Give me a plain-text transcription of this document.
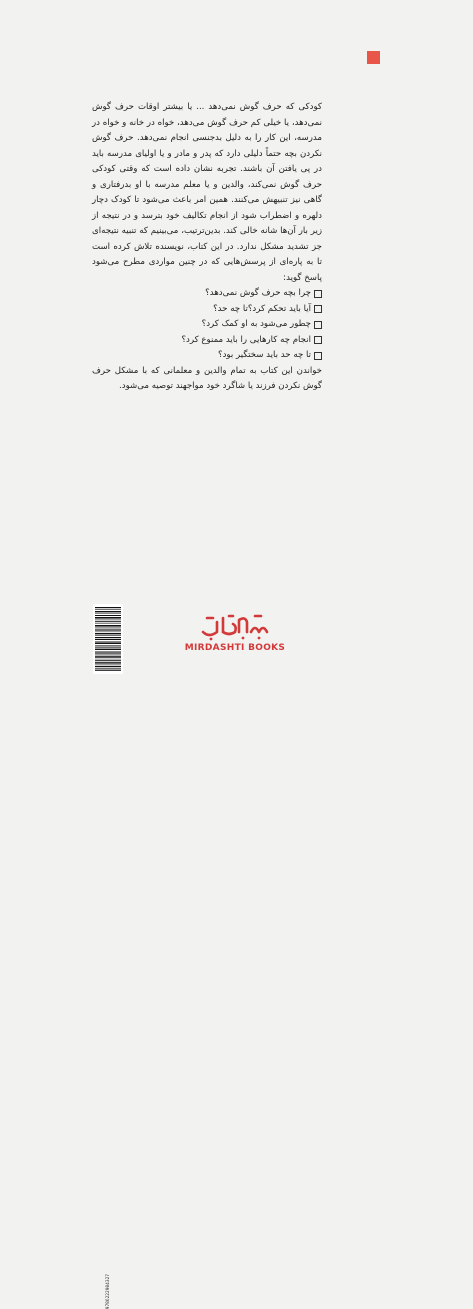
کودکی که حرف گوش نمی‌دهد ... یا بیشتر اوقات حرف گوش نمی‌دهد، یا خیلی کم حرف گوش می‌دهد، خواه در خانه و خواه در مدرسه، این کار را به دلیل بدجنسی انجام نمی‌دهد. حرف گوش نکردن بچه حتماً دلیلی دارد که پدر و مادر و یا اولیای مدرسه باید در پی یافتن آن باشند. تجربه نشان داده است که وقتی کودکی حرف گوش نمی‌کند، والدین و یا معلم مدرسه با او بدرفتاری و گاهی نیز تنبیهش می‌کنند. همین امر باعث می‌شود تا کودک دچار دلهره و اضطراب شود از انجام تکالیف خود بترسد و در نتیجه از زیر بار آن‌ها شانه خالی کند. بدین‌ترتیب، می‌بینیم که تنبیه نتیجه‌ای جز تشدید مشکل ندارد. در این کتاب، نویسنده تلاش کرده است تا به پاره‌ای از پرسش‌هایی که در چنین مواردی مطرح می‌شود پاسخ گوید:

چرا بچه حرف گوش نمی‌دهد؟
آیا باید تحکم کرد؟تا چه حد؟
چطور می‌شود به او کمک کرد؟
انجام چه کارهایی را باید ممنوع کرد؟
تا چه حد باید سختگیر بود؟

خواندن این کتاب به تمام والدین و معلمانی که با مشکل حرف گوش نکردن فرزند یا شاگرد خود مواجهند توصیه می‌شود.

9786222904327
MIRDASHTI BOOKS
